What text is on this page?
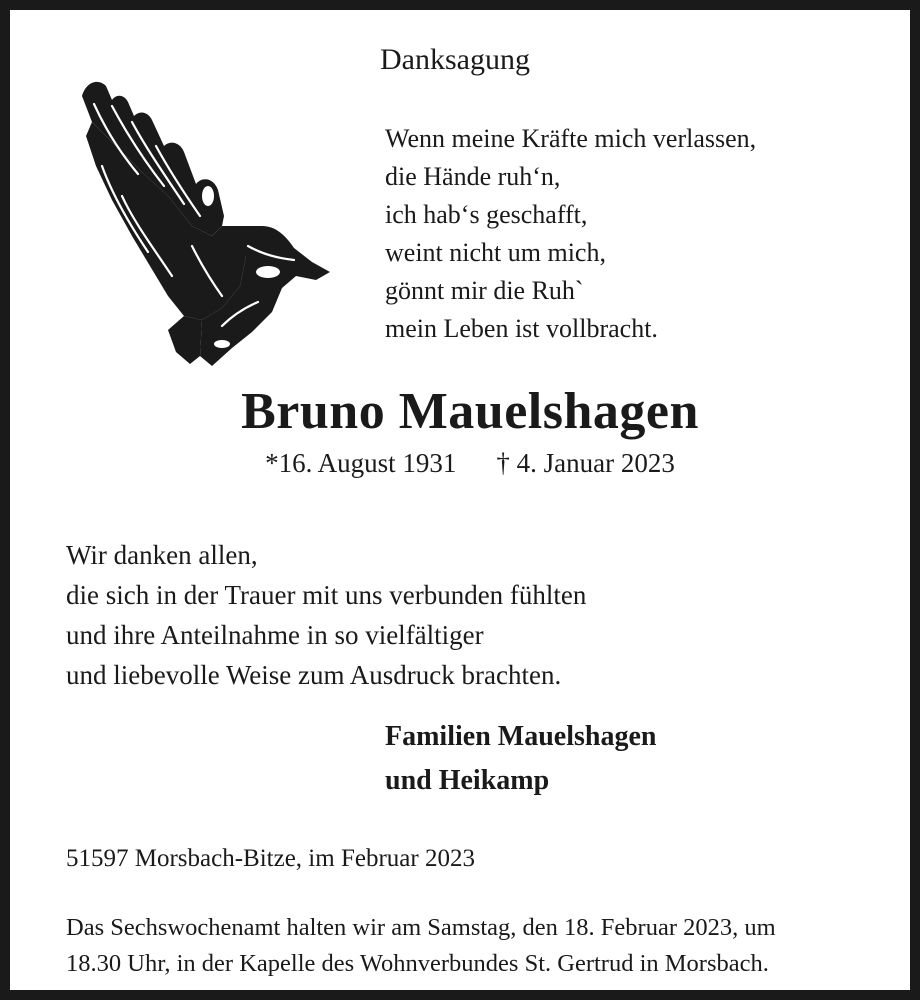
Danksagung
Wenn meine Kräfte mich verlassen,
die Hände ruh‘n,
ich hab‘s geschafft,
weint nicht um mich,
gönnt mir die Ruh`
mein Leben ist vollbracht.
Bruno Mauelshagen
*16. August 1931 † 4. Januar 2023
Wir danken allen,
die sich in der Trauer mit uns verbunden fühlten
und ihre Anteilnahme in so vielfältiger
und liebevolle Weise zum Ausdruck brachten.
Familien Mauelshagen
und Heikamp
51597 Morsbach-Bitze, im Februar 2023
Das Sechswochenamt halten wir am Samstag, den 18. Februar 2023, um
18.30 Uhr, in der Kapelle des Wohnverbundes St. Gertrud in Morsbach.
